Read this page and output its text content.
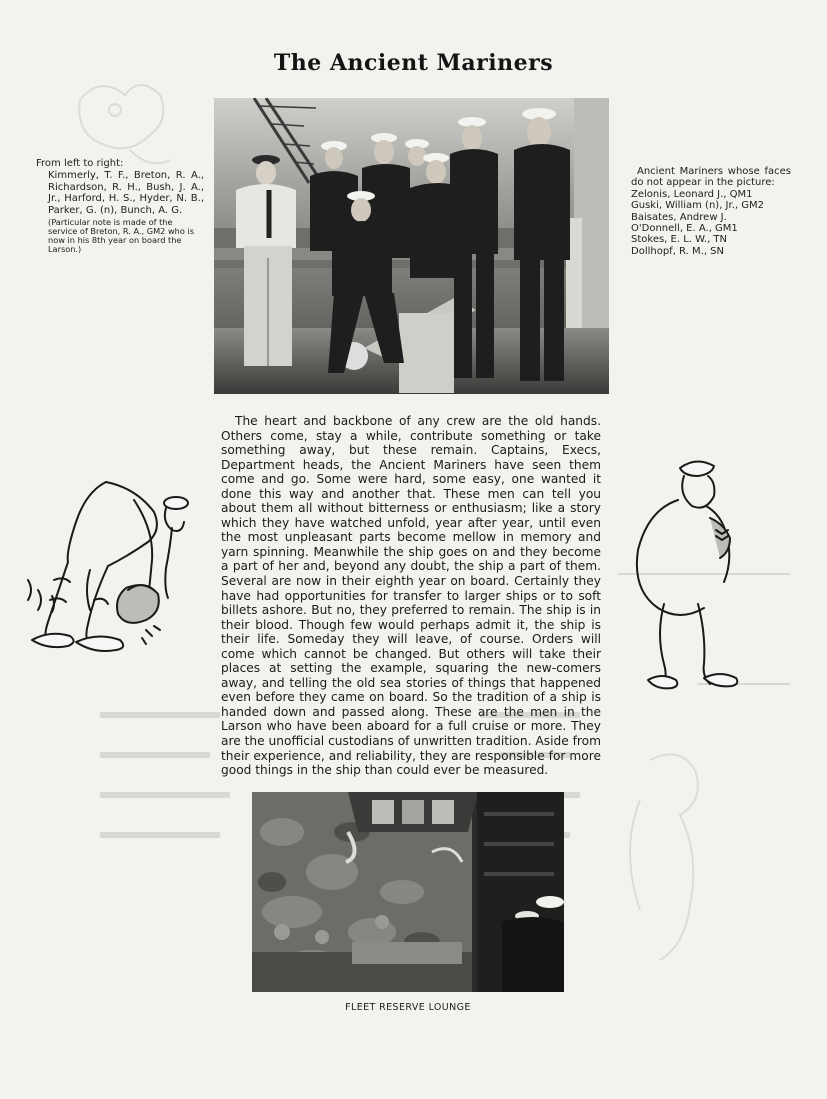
The Ancient Mariners

From left to right:

Kimmerly, T. F., Breton, R. A., Richardson, R. H., Bush, J. A., Jr., Harford, H. S., Hyder, N. B., Parker, G. (n), Bunch, A. G.

(Particular note is made of the service of Breton, R. A., GM2 who is now in his 8th year on board the Larson.)

Ancient Mariners whose faces do not appear in the picture:

Zelonis, Leonard J., QM1
Guski, William (n), Jr., GM2
Baisates, Andrew J.
O'Donnell, E. A., GM1
Stokes, E. L. W., TN
Dollhopf, R. M., SN

The heart and backbone of any crew are the old hands. Others come, stay a while, contribute something or take something away, but these remain. Captains, Execs, Department heads, the Ancient Mariners have seen them come and go. Some were hard, some easy, one wanted it done this way and another that. These men can tell you about them all without bitterness or enthusiasm; like a story which they have watched unfold, year after year, until even the most unpleasant parts become mellow in memory and yarn spinning. Meanwhile the ship goes on and they become a part of her and, beyond any doubt, the ship a part of them. Several are now in their eighth year on board. Certainly they have had opportunities for transfer to larger ships or to soft billets ashore. But no, they preferred to remain. The ship is in their blood. Though few would perhaps admit it, the ship is their life. Someday they will leave, of course. Orders will come which cannot be changed. But others will take their places at setting the example, squaring the new-comers away, and telling the old sea stories of things that happened even before they came on board. So the tradition of a ship is handed down and passed along. These are the men in the Larson who have been aboard for a full cruise or more. They are the unofficial custodians of unwritten tradition. Aside from their experience, and reliability, they are responsible for more good things in the ship than could ever be measured.

FLEET RESERVE LOUNGE
